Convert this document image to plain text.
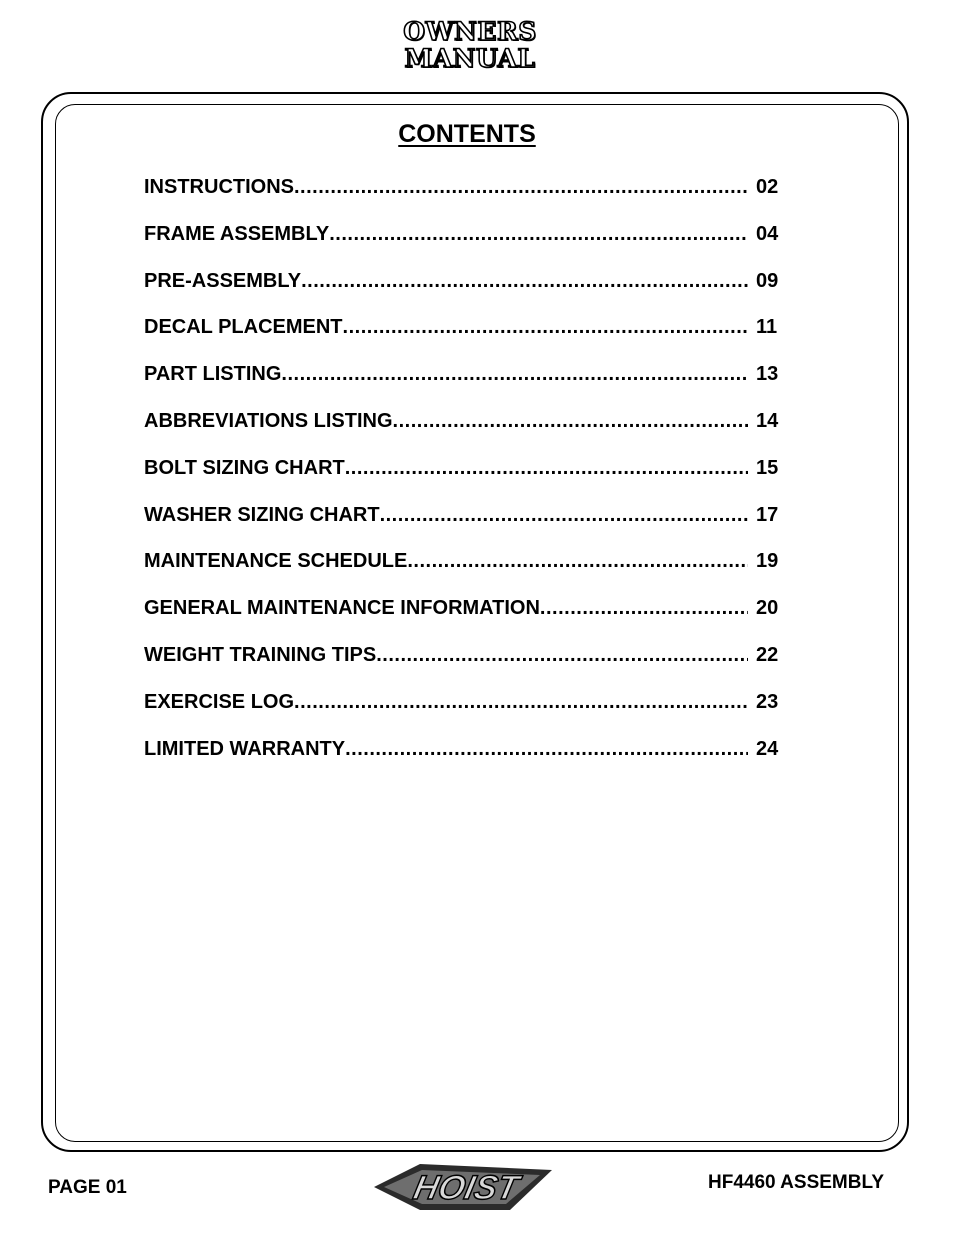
OWNERS
MANUAL
CONTENTS
INSTRUCTIONS .....	02
FRAME ASSEMBLY .....	04
PRE-ASSEMBLY .....	09
DECAL PLACEMENT .....	11
PART LISTING .....	13
ABBREVIATIONS LISTING .....	14
BOLT SIZING CHART .....	15
WASHER SIZING CHART .....	17
MAINTENANCE SCHEDULE .....	19
GENERAL MAINTENANCE INFORMATION .....	20
WEIGHT TRAINING TIPS .....	22
EXERCISE LOG .....	23
LIMITED WARRANTY .....	24
PAGE 01	HOIST	HF4460 ASSEMBLY
